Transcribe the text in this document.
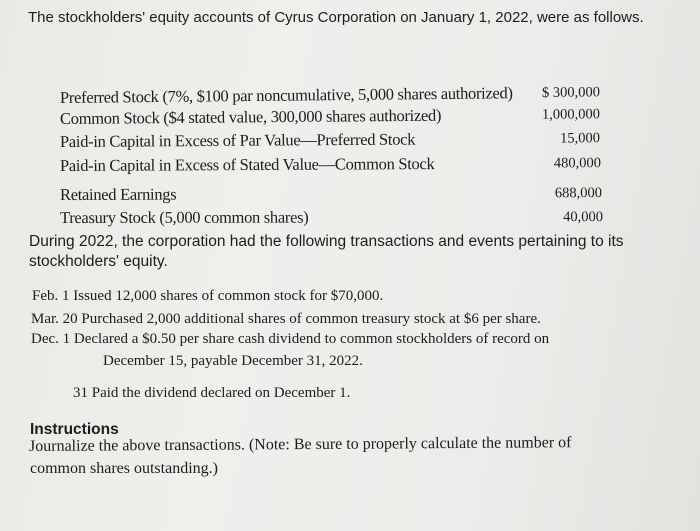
The stockholders' equity accounts of Cyrus Corporation on January 1, 2022, were as follows.
Preferred Stock (7%, $100 par noncumulative, 5,000 shares authorized) $ 300,000
Common Stock ($4 stated value, 300,000 shares authorized)	1,000,000
Paid-in Capital in Excess of Par Value—Preferred Stock	15,000
Paid-in Capital in Excess of Stated Value—Common Stock	480,000
Retained Earnings	688,000
Treasury Stock (5,000 common shares)	40,000
During 2022, the corporation had the following transactions and events pertaining to its stockholders' equity.
Feb. 1 Issued 12,000 shares of common stock for $70,000.
Mar. 20 Purchased 2,000 additional shares of common treasury stock at $6 per share.
Dec. 1 Declared a $0.50 per share cash dividend to common stockholders of record on
December 15, payable December 31, 2022.
31 Paid the dividend declared on December 1.
Instructions
Journalize the above transactions. (Note: Be sure to properly calculate the number of
common shares outstanding.)
